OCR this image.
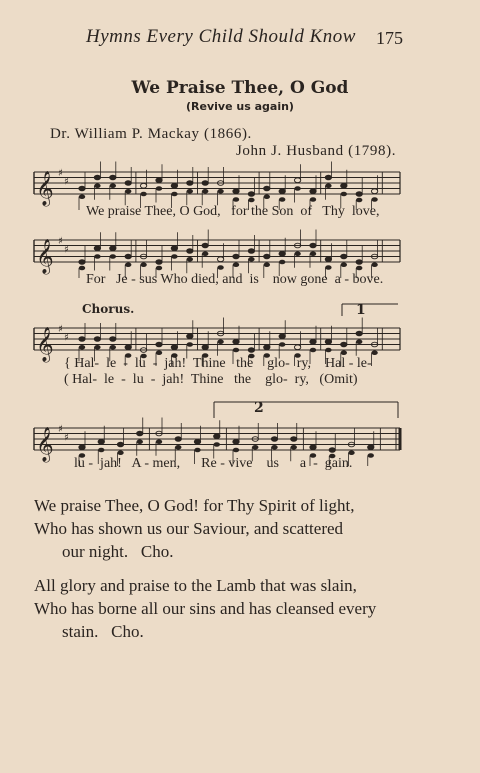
Hymns Every Child Should Know 175
We Praise Thee, O God
(Revive us again)
Dr. William P. Mackay (1866).
John J. Husband (1798).
𝄞 ♯
♯
We praise Thee, O God,   for the Son  of   Thy  love,
𝄞 ♯
♯
For   Je - sus Who died, and  is    now gone  a - bove.
Chorus.	1
𝄞 ♯
♯
{ Hal-  le  -  lu  -  jah!  Thine   the    glo-  ry,    Hal - le-
( Hal-  le  -  lu  -  jah!  Thine   the    glo-  ry,   (Omit)
2
𝄞 ♯
♯
lu -  jah!   A - men,      Re - vive    us      a  -  gain.
We praise Thee, O God! for Thy Spirit of light,
Who has shown us our Saviour, and scattered
our night.   Cho.
All glory and praise to the Lamb that was slain,
Who has borne all our sins and has cleansed every
stain.   Cho.
